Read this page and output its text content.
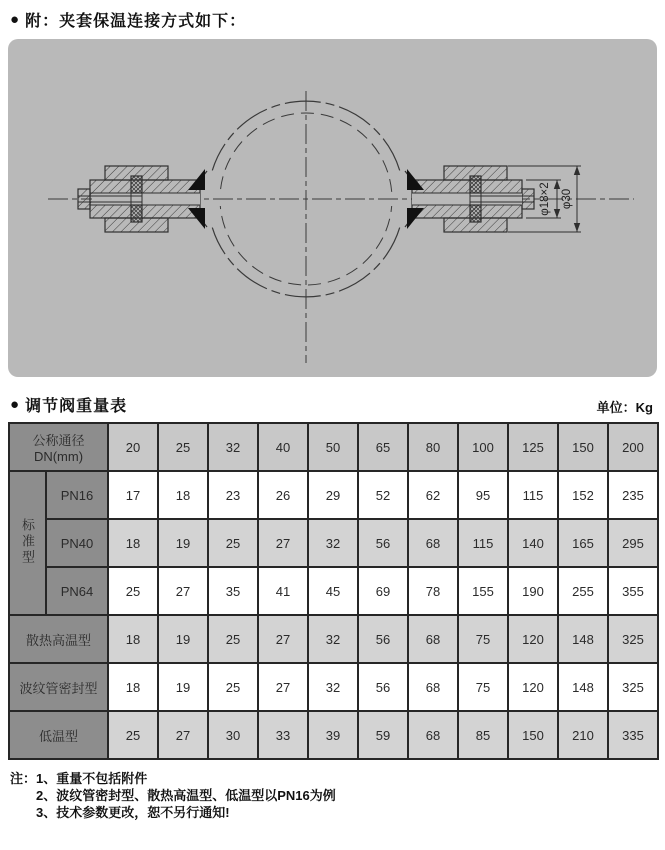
● 附：夹套保温连接方式如下：
φ18×2 φ30
● 调节阀重量表	单位：Kg
公称通径DN(mm)		20	25	32	40	50	65	80	100	125	150	200
标准型	PN16	17	18	23	26	29	52	62	95	115	152	235
	PN40	18	19	25	27	32	56	68	115	140	165	295
	PN64	25	27	35	41	45	69	78	155	190	255	355
散热高温型		18	19	25	27	32	56	68	75	120	148	325
波纹管密封型		18	19	25	27	32	56	68	75	120	148	325
低温型		25	27	30	33	39	59	68	85	150	210	335
注： 1、重量不包括附件
2、波纹管密封型、散热高温型、低温型以PN16为例
3、技术参数更改，恕不另行通知!
